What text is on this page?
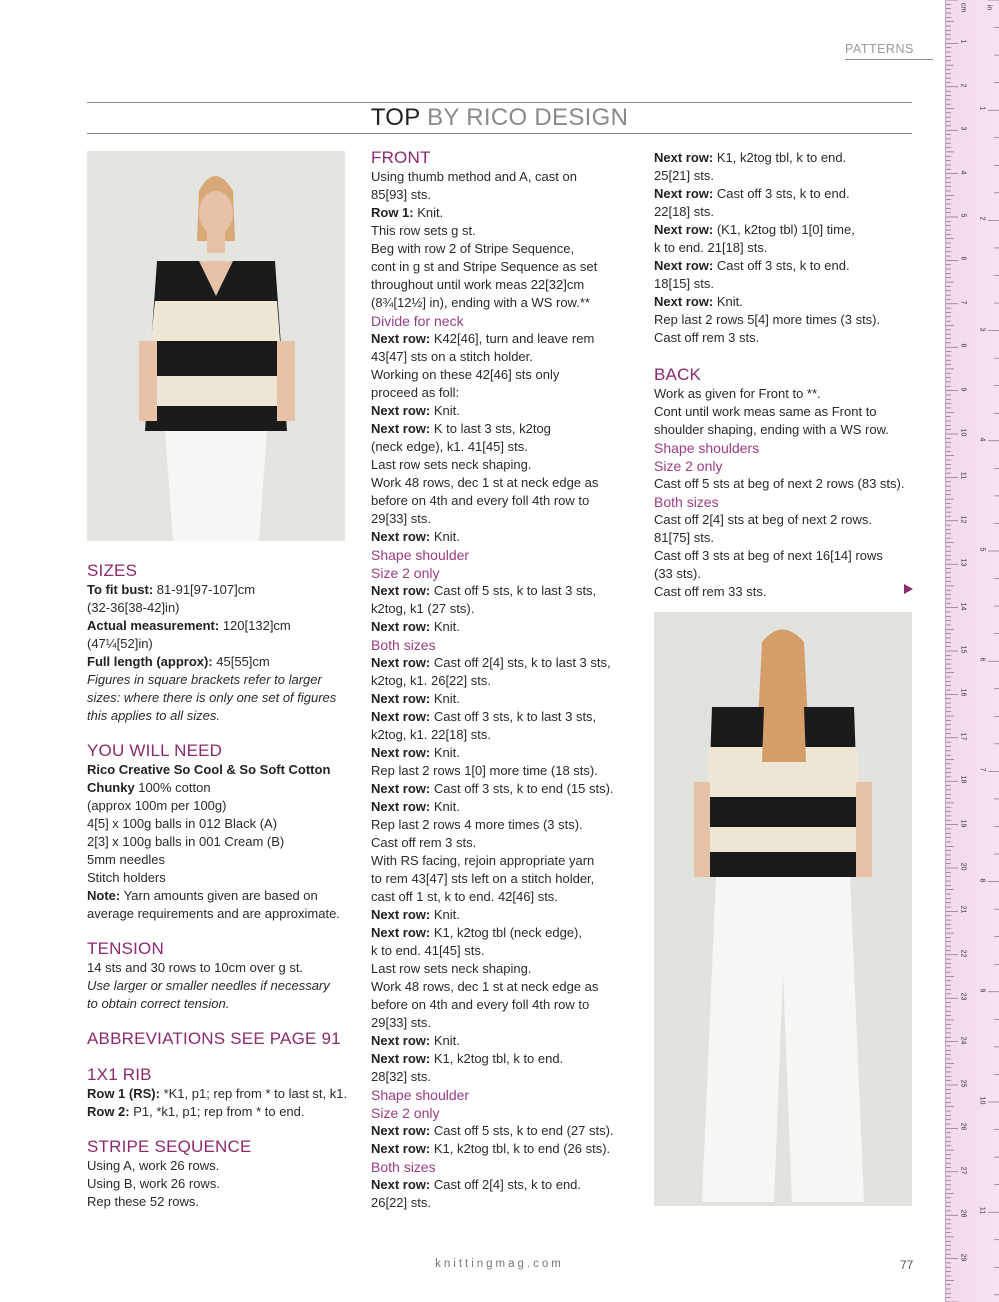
PATTERNS
TOP BY RICO DESIGN

SIZES

To fit bust: 81-91[97-107]cm

(32-36[38-42]in)

Actual measurement: 120[132]cm

(47¼[52]in)

Full length (approx): 45[55]cm

Figures in square brackets refer to larger

sizes: where there is only one set of figures

this applies to all sizes.

YOU WILL NEED

Rico Creative So Cool & So Soft Cotton

Chunky 100% cotton

(approx 100m per 100g)

4[5] x 100g balls in 012 Black (A)

2[3] x 100g balls in 001 Cream (B)

5mm needles

Stitch holders

Note: Yarn amounts given are based on

average requirements and are approximate.

TENSION

14 sts and 30 rows to 10cm over g st.

Use larger or smaller needles if necessary

to obtain correct tension.

ABBREVIATIONS SEE PAGE 91

1X1 RIB

Row 1 (RS): *K1, p1; rep from * to last st, k1.

Row 2: P1, *k1, p1; rep from * to end.

STRIPE SEQUENCE

Using A, work 26 rows.

Using B, work 26 rows.

Rep these 52 rows.

FRONT

Using thumb method and A, cast on

85[93] sts.

Row 1: Knit.

This row sets g st.

Beg with row 2 of Stripe Sequence,

cont in g st and Stripe Sequence as set

throughout until work meas 22[32]cm

(8¾[12½] in), ending with a WS row.**

Divide for neck

Next row: K42[46], turn and leave rem

43[47] sts on a stitch holder.

Working on these 42[46] sts only

proceed as foll:

Next row: Knit.

Next row: K to last 3 sts, k2tog

(neck edge), k1. 41[45] sts.

Last row sets neck shaping.

Work 48 rows, dec 1 st at neck edge as

before on 4th and every foll 4th row to

29[33] sts.

Next row: Knit.

Shape shoulder

Size 2 only

Next row: Cast off 5 sts, k to last 3 sts,

k2tog, k1 (27 sts).

Next row: Knit.

Both sizes

Next row: Cast off 2[4] sts, k to last 3 sts,

k2tog, k1. 26[22] sts.

Next row: Knit.

Next row: Cast off 3 sts, k to last 3 sts,

k2tog, k1. 22[18] sts.

Next row: Knit.

Rep last 2 rows 1[0] more time (18 sts).

Next row: Cast off 3 sts, k to end (15 sts).

Next row: Knit.

Rep last 2 rows 4 more times (3 sts).

Cast off rem 3 sts.

With RS facing, rejoin appropriate yarn

to rem 43[47] sts left on a stitch holder,

cast off 1 st, k to end. 42[46] sts.

Next row: Knit.

Next row: K1, k2tog tbl (neck edge),

k to end. 41[45] sts.

Last row sets neck shaping.

Work 48 rows, dec 1 st at neck edge as

before on 4th and every foll 4th row to

29[33] sts.

Next row: Knit.

Next row: K1, k2tog tbl, k to end.

28[32] sts.

Shape shoulder

Size 2 only

Next row: Cast off 5 sts, k to end (27 sts).

Next row: K1, k2tog tbl, k to end (26 sts).

Both sizes

Next row: Cast off 2[4] sts, k to end.

26[22] sts.

Next row: K1, k2tog tbl, k to end.

25[21] sts.

Next row: Cast off 3 sts, k to end.

22[18] sts.

Next row: (K1, k2tog tbl) 1[0] time,

k to end. 21[18] sts.

Next row: Cast off 3 sts, k to end.

18[15] sts.

Next row: Knit.

Rep last 2 rows 5[4] more times (3 sts).

Cast off rem 3 sts.

BACK

Work as given for Front to **.

Cont until work meas same as Front to

shoulder shaping, ending with a WS row.

Shape shoulders

Size 2 only

Cast off 5 sts at beg of next 2 rows (83 sts).

Both sizes

Cast off 2[4] sts at beg of next 2 rows.

81[75] sts.

Cast off 3 sts at beg of next 16[14] rows

(33 sts).

Cast off rem 33 sts.

knittingmag.com	77
cm	in
1
2
3
4
5
6
7
8
9
10
11
12
13
14
15
16
17
18
19
20
21
22
23
24
25
26
27
28
29
1
2
3
4
5
6
7
8
9
10
11
